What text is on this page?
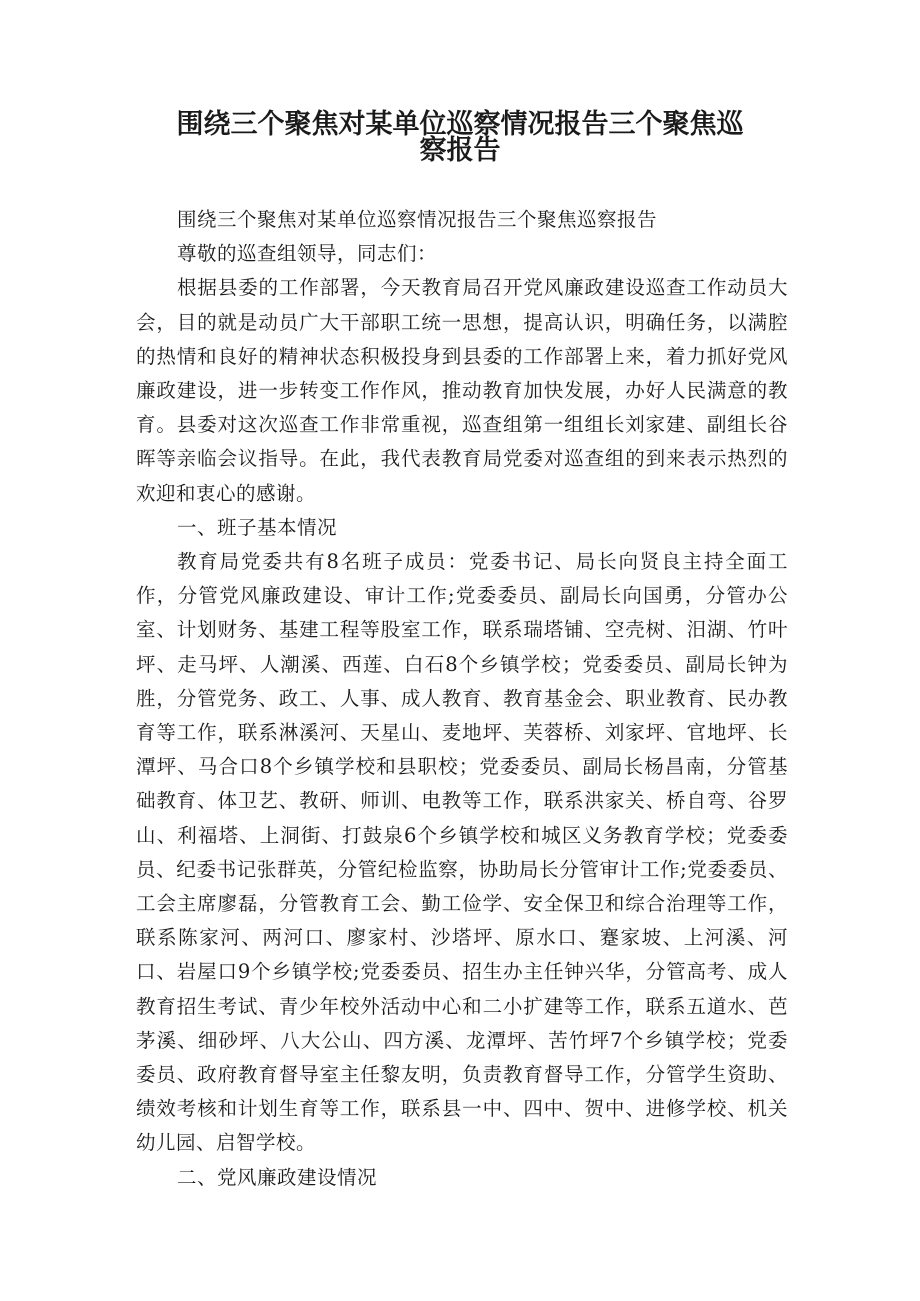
围绕三个聚焦对某单位巡察情况报告三个聚焦巡察报告

围绕三个聚焦对某单位巡察情况报告三个聚焦巡察报告

尊敬的巡查组领导，同志们：

根据县委的工作部署，今天教育局召开党风廉政建设巡查工作动员大会，目的就是动员广大干部职工统一思想，提高认识，明确任务，以满腔的热情和良好的精神状态积极投身到县委的工作部署上来，着力抓好党风廉政建设，进一步转变工作作风，推动教育加快发展，办好人民满意的教育。县委对这次巡查工作非常重视，巡查组第一组组长刘家建、副组长谷晖等亲临会议指导。在此，我代表教育局党委对巡查组的到来表示热烈的欢迎和衷心的感谢。

一、班子基本情况

教育局党委共有8名班子成员：党委书记、局长向贤良主持全面工作，分管党风廉政建设、审计工作;党委委员、副局长向国勇，分管办公室、计划财务、基建工程等股室工作，联系瑞塔铺、空壳树、汨湖、竹叶坪、走马坪、人潮溪、西莲、白石8个乡镇学校；党委委员、副局长钟为胜，分管党务、政工、人事、成人教育、教育基金会、职业教育、民办教育等工作，联系淋溪河、天星山、麦地坪、芙蓉桥、刘家坪、官地坪、长潭坪、马合口8个乡镇学校和县职校；党委委员、副局长杨昌南，分管基础教育、体卫艺、教研、师训、电教等工作，联系洪家关、桥自弯、谷罗山、利福塔、上洞街、打鼓泉6个乡镇学校和城区义务教育学校；党委委员、纪委书记张群英，分管纪检监察，协助局长分管审计工作;党委委员、工会主席廖磊，分管教育工会、勤工俭学、安全保卫和综合治理等工作，联系陈家河、两河口、廖家村、沙塔坪、原水口、蹇家坡、上河溪、河口、岩屋口9个乡镇学校;党委委员、招生办主任钟兴华，分管高考、成人教育招生考试、青少年校外活动中心和二小扩建等工作，联系五道水、芭茅溪、细砂坪、八大公山、四方溪、龙潭坪、苦竹坪7个乡镇学校；党委委员、政府教育督导室主任黎友明，负责教育督导工作，分管学生资助、绩效考核和计划生育等工作，联系县一中、四中、贺中、进修学校、机关幼儿园、启智学校。

二、党风廉政建设情况
